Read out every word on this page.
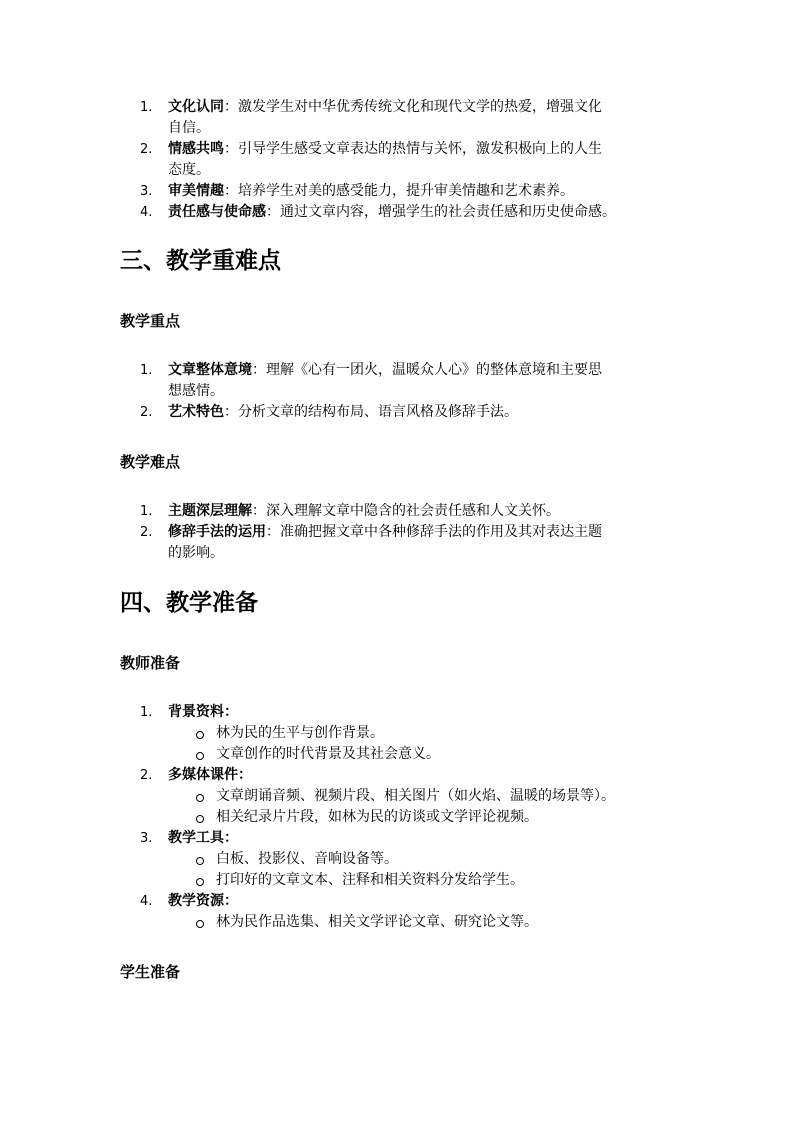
1.	文化认同：激发学生对中华优秀传统文化和现代文学的热爱，增强文化
自信。
2.	情感共鸣：引导学生感受文章表达的热情与关怀，激发积极向上的人生
态度。
3.	审美情趣：培养学生对美的感受能力，提升审美情趣和艺术素养。
4.	责任感与使命感：通过文章内容，增强学生的社会责任感和历史使命感。
三、教学重难点
教学重点
1.	文章整体意境：理解《心有一团火，温暖众人心》的整体意境和主要思
想感情。
2.	艺术特色：分析文章的结构布局、语言风格及修辞手法。
教学难点
1.	主题深层理解：深入理解文章中隐含的社会责任感和人文关怀。
2.	修辞手法的运用：准确把握文章中各种修辞手法的作用及其对表达主题
的影响。
四、教学准备
教师准备
1.	背景资料：
林为民的生平与创作背景。
文章创作的时代背景及其社会意义。
2.	多媒体课件：
文章朗诵音频、视频片段、相关图片（如火焰、温暖的场景等）。
相关纪录片片段，如林为民的访谈或文学评论视频。
3.	教学工具：
白板、投影仪、音响设备等。
打印好的文章文本、注释和相关资料分发给学生。
4.	教学资源：
林为民作品选集、相关文学评论文章、研究论文等。
学生准备
